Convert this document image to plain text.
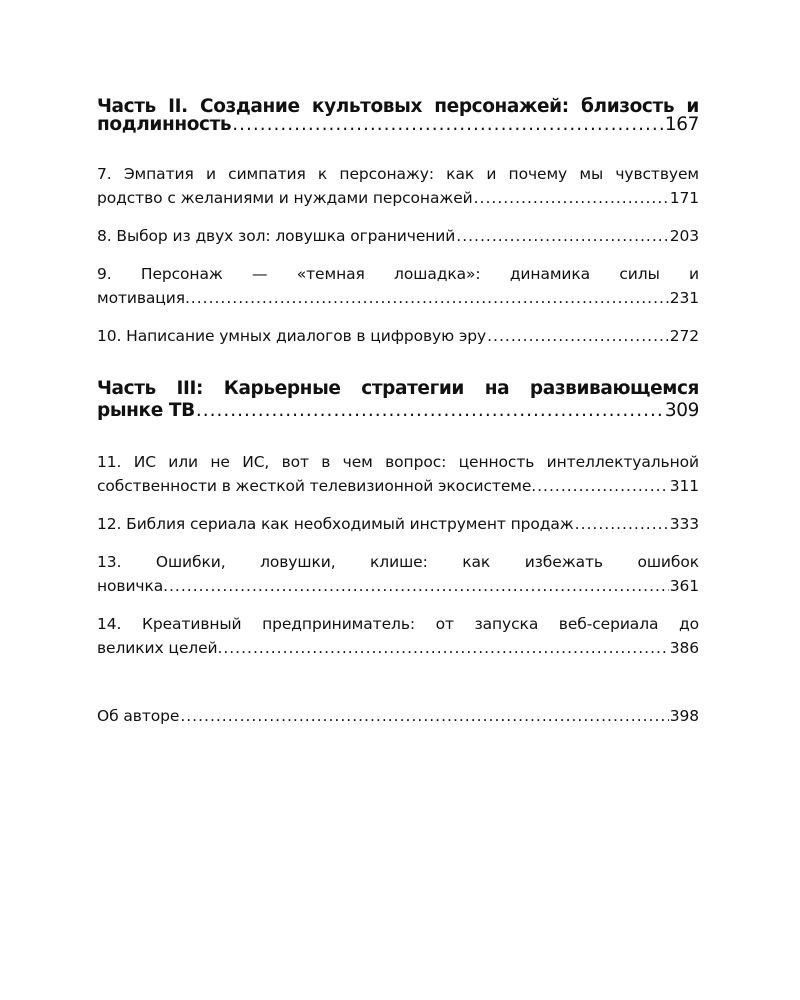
Часть II. Создание культовых персонажей: близость и
подлинность .....	167
7. Эмпатия и симпатия к персонажу: как и почему мы чувствуем
родство с желаниями и нуждами персонажей .....	171
8. Выбор из двух зол: ловушка ограничений .....	203
9. Персонаж — «темная лошадка»: динамика силы и
мотивация. .....	231
10. Написание умных диалогов в цифровую эру .....	272
Часть III: Карьерные стратегии на развивающемся
рынке ТВ .....	309
11. ИС или не ИС, вот в чем вопрос: ценность интеллектуальной
собственности в жесткой телевизионной экосистеме. .....	311
12. Библия сериала как необходимый инструмент продаж .....	333
13. Ошибки, ловушки, клише: как избежать ошибок
новичка. .....	361
14. Креативный предприниматель: от запуска веб-сериала до
великих целей. .....	386
Об авторе .....	398
